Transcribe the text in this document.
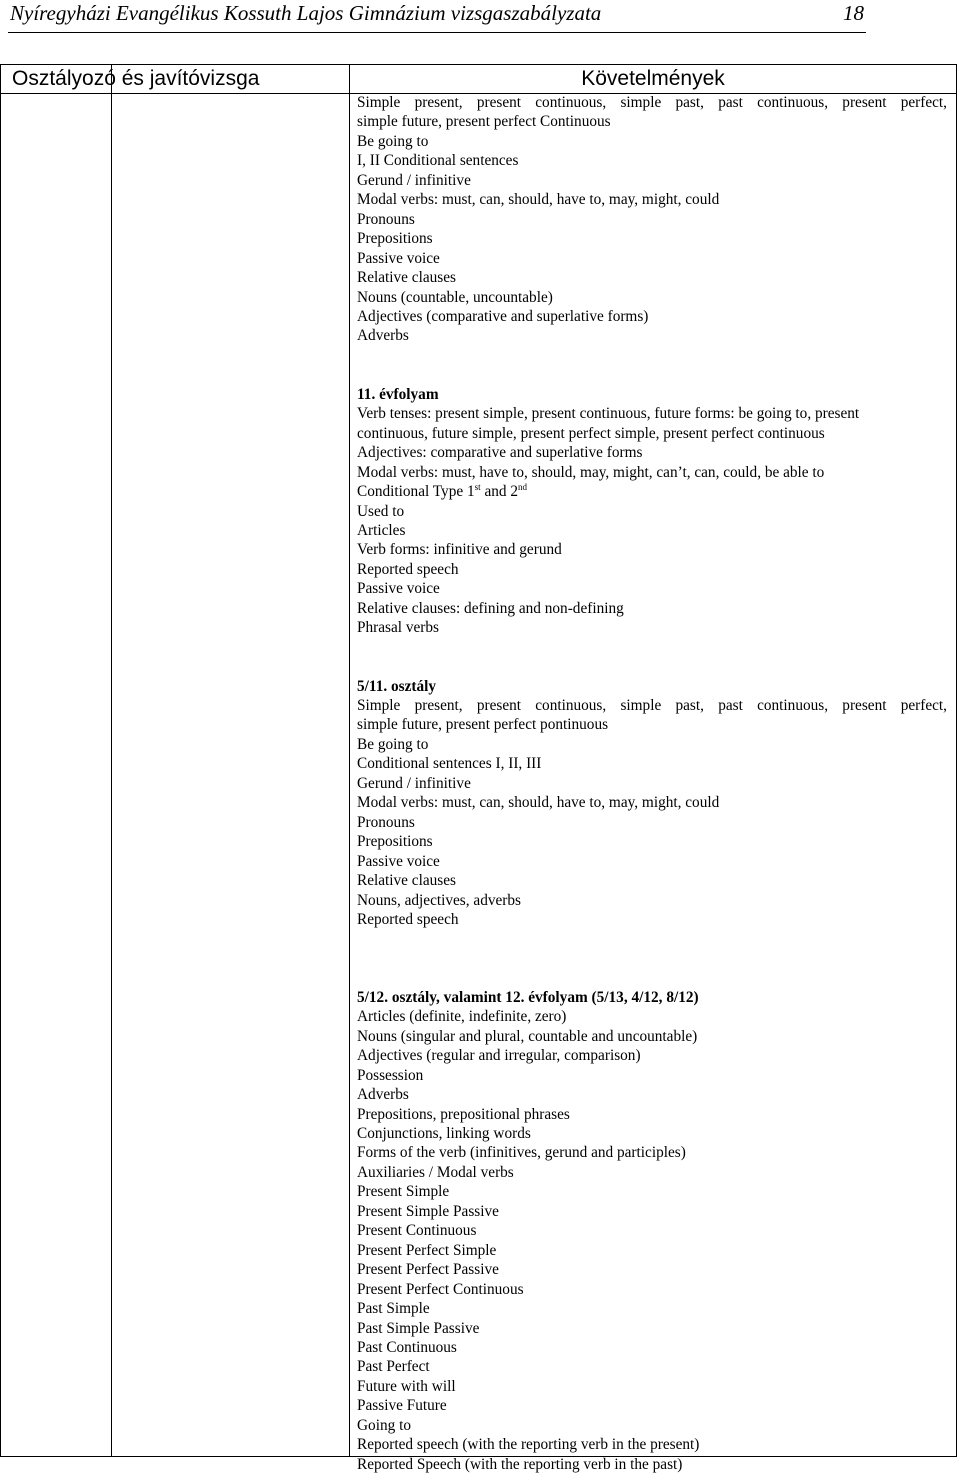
Nyíregyházi Evangélikus Kossuth Lajos Gimnázium vizsgaszabályzata	18
Osztályozó és javítóvizsga	Követelmények
Simple present, present continuous, simple past, past continuous, present perfect,
simple future, present perfect Continuous
Be going to
I, II Conditional sentences
Gerund / infinitive
Modal verbs: must, can, should, have to, may, might, could
Pronouns
Prepositions
Passive voice
Relative clauses
Nouns (countable, uncountable)
Adjectives (comparative and superlative forms)
Adverbs
11. évfolyam
Verb tenses: present simple, present continuous, future forms: be going to, present
continuous, future simple, present perfect simple, present perfect continuous
Adjectives: comparative and superlative forms
Modal verbs: must, have to, should, may, might, can’t, can, could, be able to
Conditional Type 1st and 2nd
Used to
Articles
Verb forms: infinitive and gerund
Reported speech
Passive voice
Relative clauses: defining and non-defining
Phrasal verbs
5/11. osztály
Simple present, present continuous, simple past, past continuous, present perfect,
simple future, present perfect pontinuous
Be going to
Conditional sentences I, II, III
Gerund / infinitive
Modal verbs: must, can, should, have to, may, might, could
Pronouns
Prepositions
Passive voice
Relative clauses
Nouns, adjectives, adverbs
Reported speech
5/12. osztály, valamint 12. évfolyam (5/13, 4/12, 8/12)
Articles (definite, indefinite, zero)
Nouns (singular and plural, countable and uncountable)
Adjectives (regular and irregular, comparison)
Possession
Adverbs
Prepositions, prepositional phrases
Conjunctions, linking words
Forms of the verb (infinitives, gerund and participles)
Auxiliaries / Modal verbs
Present Simple
Present Simple Passive
Present Continuous
Present Perfect Simple
Present Perfect Passive
Present Perfect Continuous
Past Simple
Past Simple Passive
Past Continuous
Past Perfect
Future with will
Passive Future
Going to
Reported speech (with the reporting verb in the present)
Reported Speech (with the reporting verb in the past)
